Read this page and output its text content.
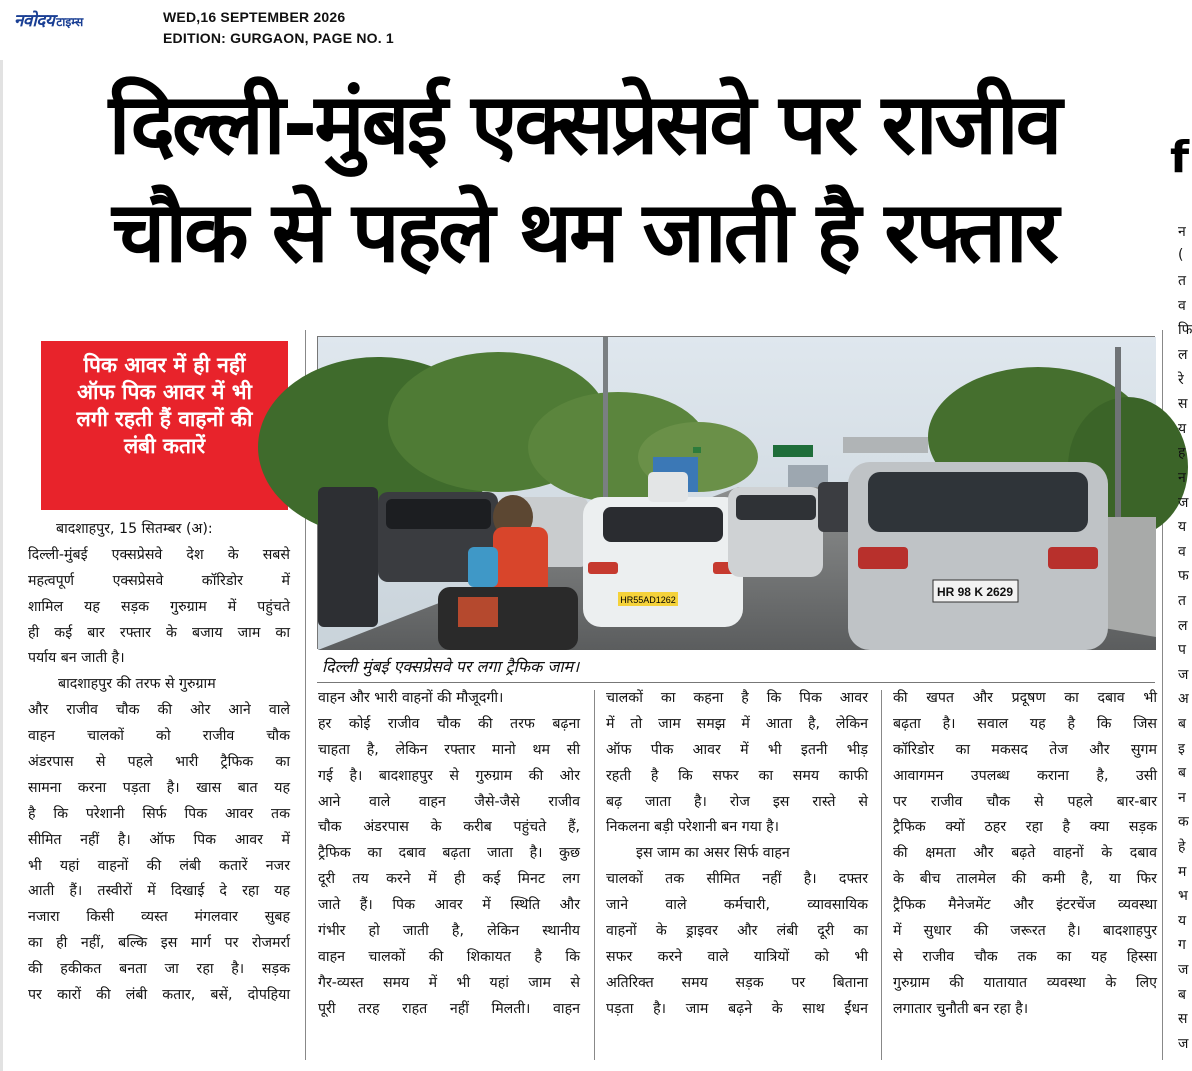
नवोदय टाइम्स	WED,16 SEPTEMBER 2026
EDITION: GURGAON, PAGE NO. 1
दिल्ली-मुंबई एक्सप्रेसवे पर राजीव
चौक से पहले थम जाती है रफ्तार
पिक आवर में ही नहीं
ऑफ पिक आवर में भी
लगी रहती हैं वाहनों की
लंबी कतारें
HR55AD1262
HR 98 K 2629
दिल्ली मुंबई एक्सप्रेसवे पर लगा ट्रैफिक जाम।
बादशाहपुर, 15 सितम्बर (अ):
दिल्ली-मुंबई एक्सप्रेसवे देश के सबसे
महत्वपूर्ण एक्सप्रेसवे कॉरिडोर में
शामिल यह सड़क गुरुग्राम में पहुंचते
ही कई बार रफ्तार के बजाय जाम का
पर्याय बन जाती है।
बादशाहपुर की तरफ से गुरुग्राम
और राजीव चौक की ओर आने वाले
वाहन चालकों को राजीव चौक
अंडरपास से पहले भारी ट्रैफिक का
सामना करना पड़ता है। खास बात यह
है कि परेशानी सिर्फ पिक आवर तक
सीमित नहीं है। ऑफ पिक आवर में
भी यहां वाहनों की लंबी कतारें नजर
आती हैं। तस्वीरों में दिखाई दे रहा यह
नजारा किसी व्यस्त मंगलवार सुबह
का ही नहीं, बल्कि इस मार्ग पर रोजमर्रा
की हकीकत बनता जा रहा है। सड़क
पर कारों की लंबी कतार, बसें, दोपहिया
वाहन और भारी वाहनों की मौजूदगी।
हर कोई राजीव चौक की तरफ बढ़ना
चाहता है, लेकिन रफ्तार मानो थम सी
गई है। बादशाहपुर से गुरुग्राम की ओर
आने वाले वाहन जैसे-जैसे राजीव
चौक अंडरपास के करीब पहुंचते हैं,
ट्रैफिक का दबाव बढ़ता जाता है। कुछ
दूरी तय करने में ही कई मिनट लग
जाते हैं। पिक आवर में स्थिति और
गंभीर हो जाती है, लेकिन स्थानीय
वाहन चालकों की शिकायत है कि
गैर-व्यस्त समय में भी यहां जाम से
पूरी तरह राहत नहीं मिलती। वाहन
चालकों का कहना है कि पिक आवर
में तो जाम समझ में आता है, लेकिन
ऑफ पीक आवर में भी इतनी भीड़
रहती है कि सफर का समय काफी
बढ़ जाता है। रोज इस रास्ते से
निकलना बड़ी परेशानी बन गया है।
इस जाम का असर सिर्फ वाहन
चालकों तक सीमित नहीं है। दफ्तर
जाने वाले कर्मचारी, व्यावसायिक
वाहनों के ड्राइवर और लंबी दूरी का
सफर करने वाले यात्रियों को भी
अतिरिक्त समय सड़क पर बिताना
पड़ता है। जाम बढ़ने के साथ ईंधन
की खपत और प्रदूषण का दबाव भी
बढ़ता है। सवाल यह है कि जिस
कॉरिडोर का मकसद तेज और सुगम
आवागमन उपलब्ध कराना है, उसी
पर राजीव चौक से पहले बार-बार
ट्रैफिक क्यों ठहर रहा है क्या सड़क
की क्षमता और बढ़ते वाहनों के दबाव
के बीच तालमेल की कमी है, या फिर
ट्रैफिक मैनेजमेंट और इंटरचेंज व्यवस्था
में सुधार की जरूरत है। बादशाहपुर
से राजीव चौक तक का यह हिस्सा
गुरुग्राम की यातायात व्यवस्था के लिए
लगातार चुनौती बन रहा है।
f
न
(
त
व
फि
ल
रे
स
य
ह
न
ज
य
व
फ
त
ल
प
ज
अ
ब
इ
ब
न
क
हे
म
भ
य
ग
ज
ब
स
ज
